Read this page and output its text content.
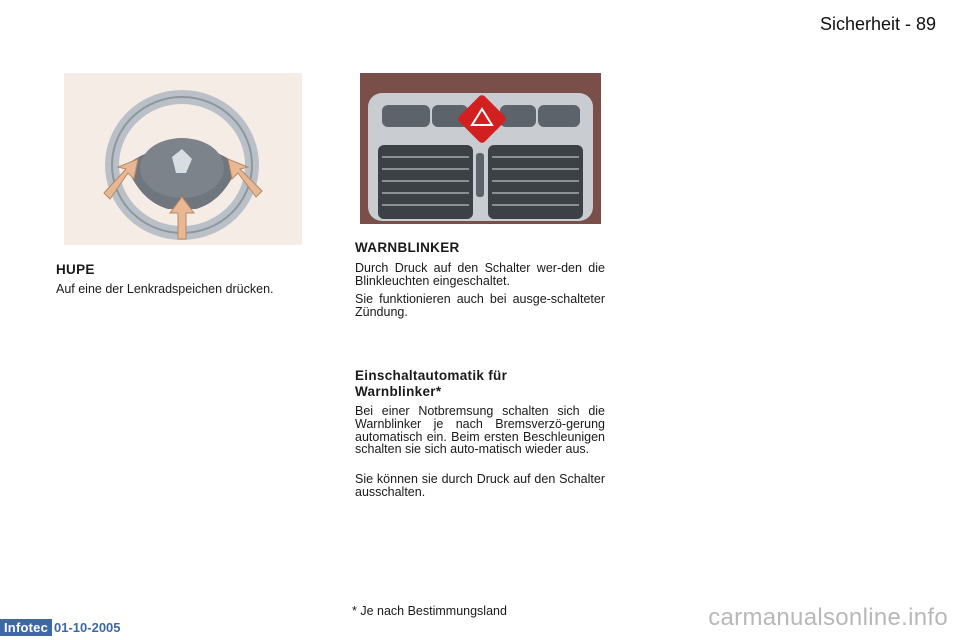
Sicherheit - 89
HUPE
Auf eine der Lenkradspeichen drücken.
WARNBLINKER
Durch Druck auf den Schalter wer-den die Blinkleuchten eingeschaltet.
Sie funktionieren auch bei ausge-schalteter Zündung.
Einschaltautomatik für
Warnblinker*
Bei einer Notbremsung schalten sich die Warnblinker je nach Bremsverzö-gerung automatisch ein. Beim ersten Beschleunigen schalten sie sich auto-matisch wieder aus.
Sie können sie durch Druck auf den Schalter ausschalten.
* Je nach Bestimmungsland
Infotec 01-10-2005	carmanualsonline.info
